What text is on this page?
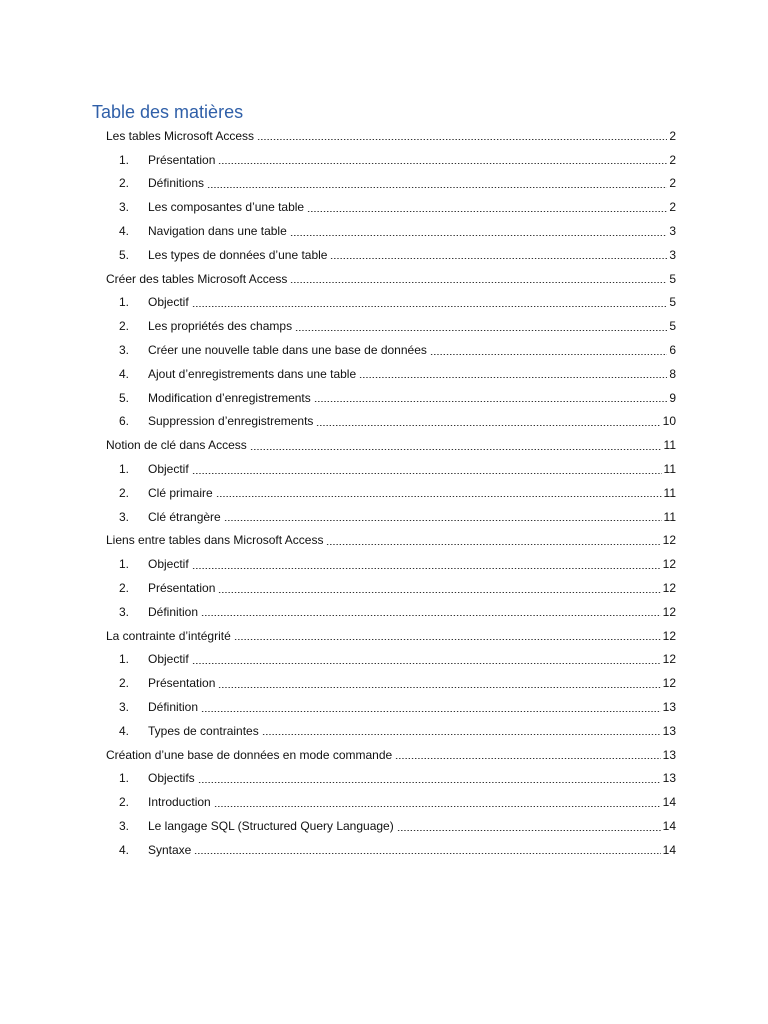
Table des matières
Les tables Microsoft Access	2
1.	Présentation	2
2.	Définitions	2
3.	Les composantes d’une table	2
4.	Navigation dans une table	3
5.	Les types de données d’une table	3
Créer des tables Microsoft Access	5
1.	Objectif	5
2.	Les propriétés des champs	5
3.	Créer une nouvelle table dans une base de données	6
4.	Ajout d’enregistrements dans une table	8
5.	Modification d’enregistrements	9
6.	Suppression d’enregistrements	10
Notion de clé dans Access	11
1.	Objectif	11
2.	Clé primaire	11
3.	Clé étrangère	11
Liens entre tables dans Microsoft Access	12
1.	Objectif	12
2.	Présentation	12
3.	Définition	12
La contrainte d’intégrité	12
1.	Objectif	12
2.	Présentation	12
3.	Définition	13
4.	Types de contraintes	13
Création d’une base de données en mode commande	13
1.	Objectifs	13
2.	Introduction	14
3.	Le langage SQL (Structured Query Language)	14
4.	Syntaxe	14
